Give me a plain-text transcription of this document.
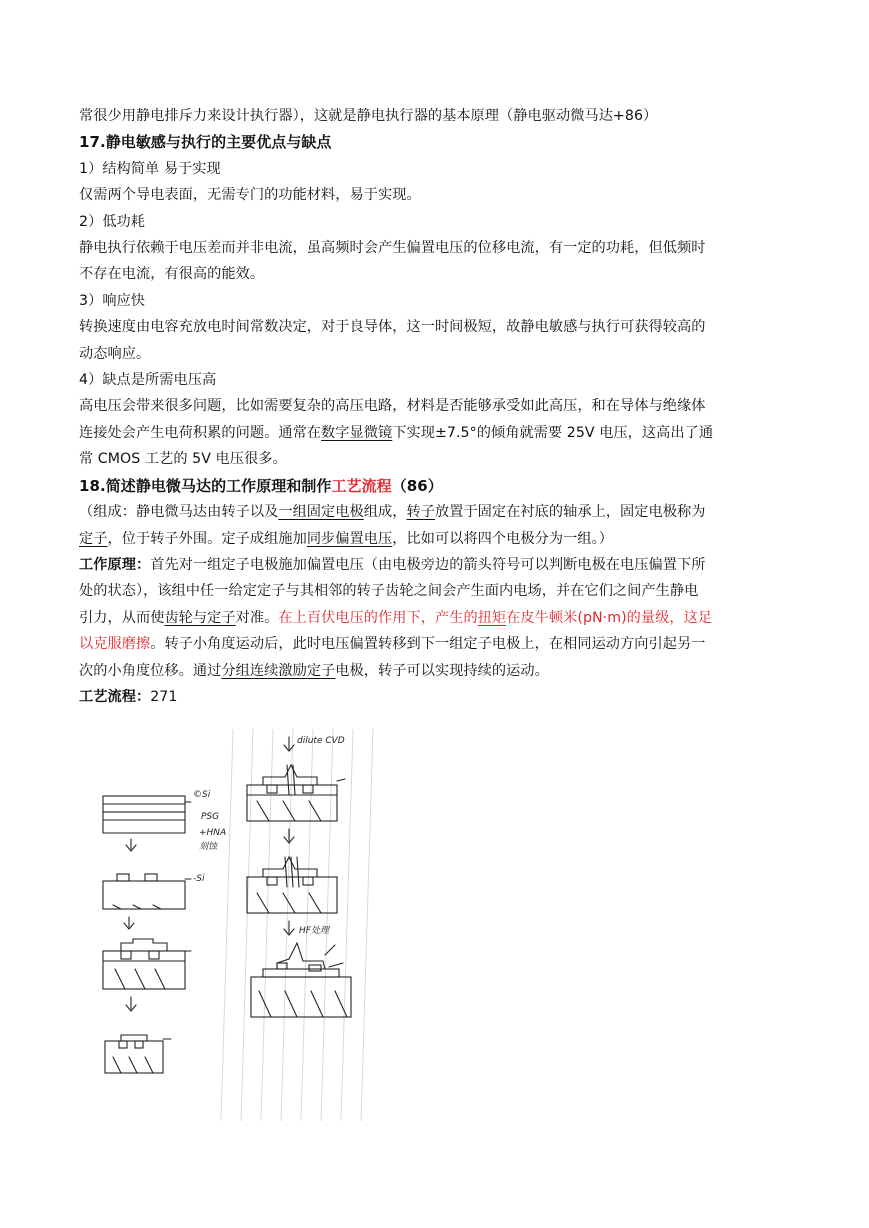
常很少用静电排斥力来设计执行器），这就是静电执行器的基本原理（静电驱动微马达+86）
17.静电敏感与执行的主要优点与缺点
1）结构简单 易于实现
仅需两个导电表面，无需专门的功能材料，易于实现。
2）低功耗
静电执行依赖于电压差而并非电流，虽高频时会产生偏置电压的位移电流，有一定的功耗，但低频时
不存在电流，有很高的能效。
3）响应快
转换速度由电容充放电时间常数决定，对于良导体，这一时间极短，故静电敏感与执行可获得较高的
动态响应。
4）缺点是所需电压高
高电压会带来很多问题，比如需要复杂的高压电路，材料是否能够承受如此高压，和在导体与绝缘体
连接处会产生电荷积累的问题。通常在数字显微镜下实现±7.5°的倾角就需要 25V 电压，这高出了通
常 CMOS 工艺的 5V 电压很多。
18.简述静电微马达的工作原理和制作工艺流程（86）
（组成：静电微马达由转子以及一组固定电极组成，转子放置于固定在衬底的轴承上，固定电极称为
定子，位于转子外围。定子成组施加同步偏置电压，比如可以将四个电极分为一组。）
工作原理：首先对一组定子电极施加偏置电压（由电极旁边的箭头符号可以判断电极在电压偏置下所
处的状态），该组中任一给定定子与其相邻的转子齿轮之间会产生面内电场，并在它们之间产生静电
引力，从而使齿轮与定子对准。在上百伏电压的作用下，产生的扭矩在皮牛顿米(pN·m)的量级，这足
以克服磨擦。转子小角度运动后，此时电压偏置转移到下一组定子电极上，在相同运动方向引起另一
次的小角度位移。通过分组连续激励定子电极，转子可以实现持续的运动。
工艺流程：271
©Si
PSG
+HNA
刻蚀
-Si
dilute CVD
HF处理
